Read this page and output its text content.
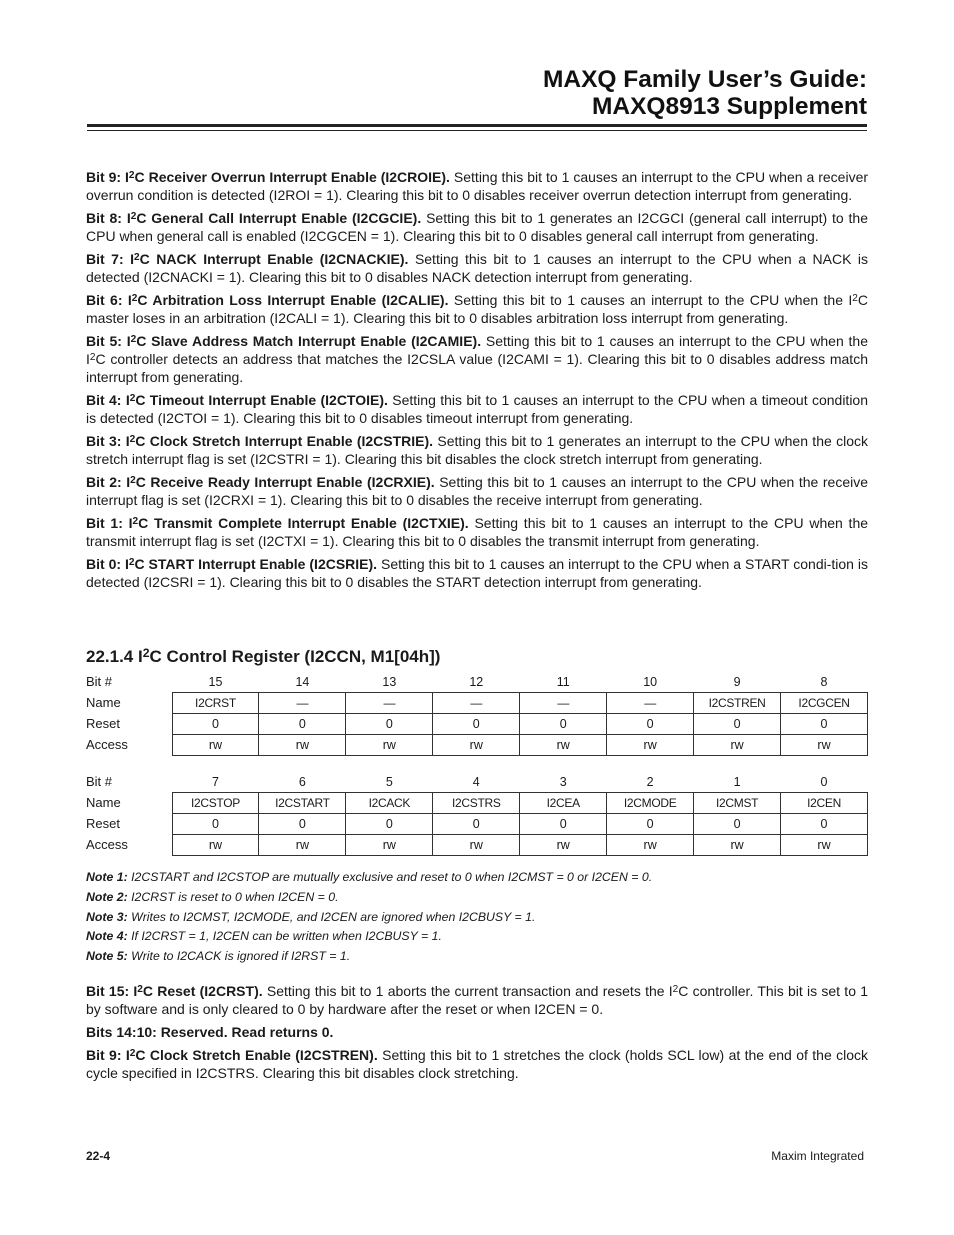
MAXQ Family User’s Guide:
MAXQ8913 Supplement

Bit 9: $I^2C$ Receiver Overrun Interrupt Enable (I2CROIE). Setting this bit to 1 causes an interrupt to the CPU when a receiver overrun condition is detected (I2ROI = 1). Clearing this bit to 0 disables receiver overrun detection interrupt from generating.

Bit 8: $I^2C$ General Call Interrupt Enable (I2CGCIE). Setting this bit to 1 generates an I2CGCI (general call interrupt) to the CPU when general call is enabled (I2CGCEN = 1). Clearing this bit to 0 disables general call interrupt from generating.

Bit 7: $I^2C$ NACK Interrupt Enable (I2CNACKIE). Setting this bit to 1 causes an interrupt to the CPU when a NACK is detected (I2CNACKI = 1). Clearing this bit to 0 disables NACK detection interrupt from generating.

Bit 6: $I^2C$ Arbitration Loss Interrupt Enable (I2CALIE). Setting this bit to 1 causes an interrupt to the CPU when the $I^2C$ master loses in an arbitration (I2CALI = 1). Clearing this bit to 0 disables arbitration loss interrupt from generating.

Bit 5: $I^2C$ Slave Address Match Interrupt Enable (I2CAMIE). Setting this bit to 1 causes an interrupt to the CPU when the $I^2C$ controller detects an address that matches the I2CSLA value (I2CAMI = 1). Clearing this bit to 0 disables address match interrupt from generating.

Bit 4: $I^2C$ Timeout Interrupt Enable (I2CTOIE). Setting this bit to 1 causes an interrupt to the CPU when a timeout condition is detected (I2CTOI = 1). Clearing this bit to 0 disables timeout interrupt from generating.

Bit 3: $I^2C$ Clock Stretch Interrupt Enable (I2CSTRIE). Setting this bit to 1 generates an interrupt to the CPU when the clock stretch interrupt flag is set (I2CSTRI = 1). Clearing this bit disables the clock stretch interrupt from generating.

Bit 2: $I^2C$ Receive Ready Interrupt Enable (I2CRXIE). Setting this bit to 1 causes an interrupt to the CPU when the receive interrupt flag is set (I2CRXI = 1). Clearing this bit to 0 disables the receive interrupt from generating.

Bit 1: $I^2C$ Transmit Complete Interrupt Enable (I2CTXIE). Setting this bit to 1 causes an interrupt to the CPU when the transmit interrupt flag is set (I2CTXI = 1). Clearing this bit to 0 disables the transmit interrupt from generating.

Bit 0: $I^2C$ START Interrupt Enable (I2CSRIE). Setting this bit to 1 causes an interrupt to the CPU when a START condi-tion is detected (I2CSRI = 1). Clearing this bit to 0 disables the START detection interrupt from generating.

22.1.4 $I^2C$ Control Register (I2CCN, M1[04h])
Bit #	15	14	13	12	11	10	9	8
Name	I2CRST	—	—	—	—	—	I2CSTREN	I2CGCEN
Reset	0	0	0	0	0	0	0	0
Access	rw	rw	rw	rw	rw	rw	rw	rw
Bit #	7	6	5	4	3	2	1	0
Name	I2CSTOP	I2CSTART	I2CACK	I2CSTRS	I2CEA	I2CMODE	I2CMST	I2CEN
Reset	0	0	0	0	0	0	0	0
Access	rw	rw	rw	rw	rw	rw	rw	rw
Note 1: I2CSTART and I2CSTOP are mutually exclusive and reset to 0 when I2CMST = 0 or I2CEN = 0.
Note 2: I2CRST is reset to 0 when I2CEN = 0.
Note 3: Writes to I2CMST, I2CMODE, and I2CEN are ignored when I2CBUSY = 1.
Note 4: If I2CRST = 1, I2CEN can be written when I2CBUSY = 1.
Note 5: Write to I2CACK is ignored if I2RST = 1.

Bit 15: $I^2C$ Reset (I2CRST). Setting this bit to 1 aborts the current transaction and resets the $I^2C$ controller. This bit is set to 1 by software and is only cleared to 0 by hardware after the reset or when I2CEN = 0.

Bits 14:10: Reserved. Read returns 0.

Bit 9: $I^2C$ Clock Stretch Enable (I2CSTREN). Setting this bit to 1 stretches the clock (holds SCL low) at the end of the clock cycle specified in I2CSTRS. Clearing this bit disables clock stretching.

22-4	Maxim Integrated
